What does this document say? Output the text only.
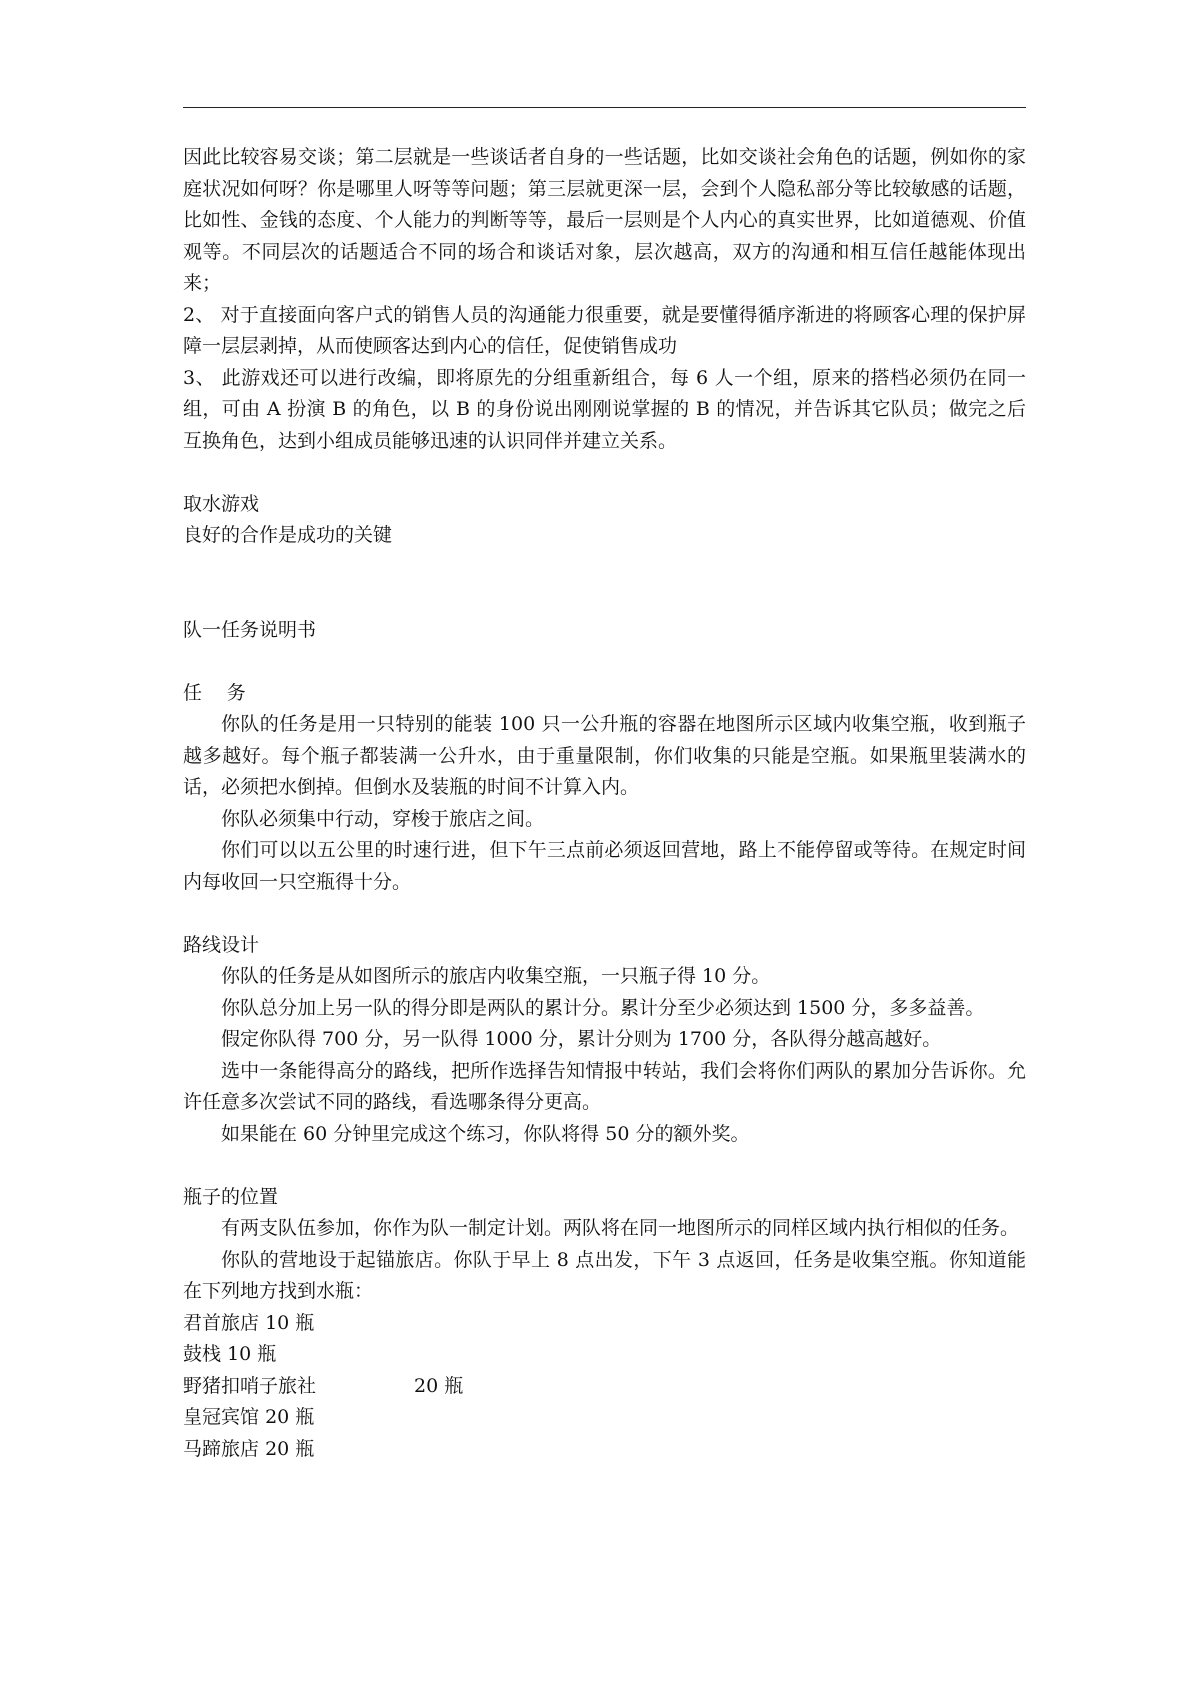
因此比较容易交谈；第二层就是一些谈话者自身的一些话题，比如交谈社会角色的话题，例如你的家庭状况如何呀？你是哪里人呀等等问题；第三层就更深一层，会到个人隐私部分等比较敏感的话题，比如性、金钱的态度、个人能力的判断等等，最后一层则是个人内心的真实世界，比如道德观、价值观等。不同层次的话题适合不同的场合和谈话对象，层次越高，双方的沟通和相互信任越能体现出来；

2、 对于直接面向客户式的销售人员的沟通能力很重要，就是要懂得循序渐进的将顾客心理的保护屏障一层层剥掉，从而使顾客达到内心的信任，促使销售成功

3、 此游戏还可以进行改编，即将原先的分组重新组合，每 6 人一个组，原来的搭档必须仍在同一组，可由 A 扮演 B 的角色，以 B 的身份说出刚刚说掌握的 B 的情况，并告诉其它队员；做完之后互换角色，达到小组成员能够迅速的认识同伴并建立关系。

取水游戏

良好的合作是成功的关键

队一任务说明书

任务

你队的任务是用一只特别的能装 100 只一公升瓶的容器在地图所示区域内收集空瓶，收到瓶子越多越好。每个瓶子都装满一公升水，由于重量限制，你们收集的只能是空瓶。如果瓶里装满水的话，必须把水倒掉。但倒水及装瓶的时间不计算入内。

你队必须集中行动，穿梭于旅店之间。

你们可以以五公里的时速行进，但下午三点前必须返回营地，路上不能停留或等待。在规定时间内每收回一只空瓶得十分。

路线设计

你队的任务是从如图所示的旅店内收集空瓶，一只瓶子得 10 分。

你队总分加上另一队的得分即是两队的累计分。累计分至少必须达到 1500 分，多多益善。

假定你队得 700 分，另一队得 1000 分，累计分则为 1700 分，各队得分越高越好。

选中一条能得高分的路线，把所作选择告知情报中转站，我们会将你们两队的累加分告诉你。允许任意多次尝试不同的路线，看选哪条得分更高。

如果能在 60 分钟里完成这个练习，你队将得 50 分的额外奖。

瓶子的位置

有两支队伍参加，你作为队一制定计划。两队将在同一地图所示的同样区域内执行相似的任务。

你队的营地设于起锚旅店。你队于早上 8 点出发，下午 3 点返回，任务是收集空瓶。你知道能在下列地方找到水瓶：

君首旅店 10 瓶

鼓栈 10 瓶

野猪扣哨子旅社	20 瓶

皇冠宾馆 20 瓶

马蹄旅店 20 瓶
